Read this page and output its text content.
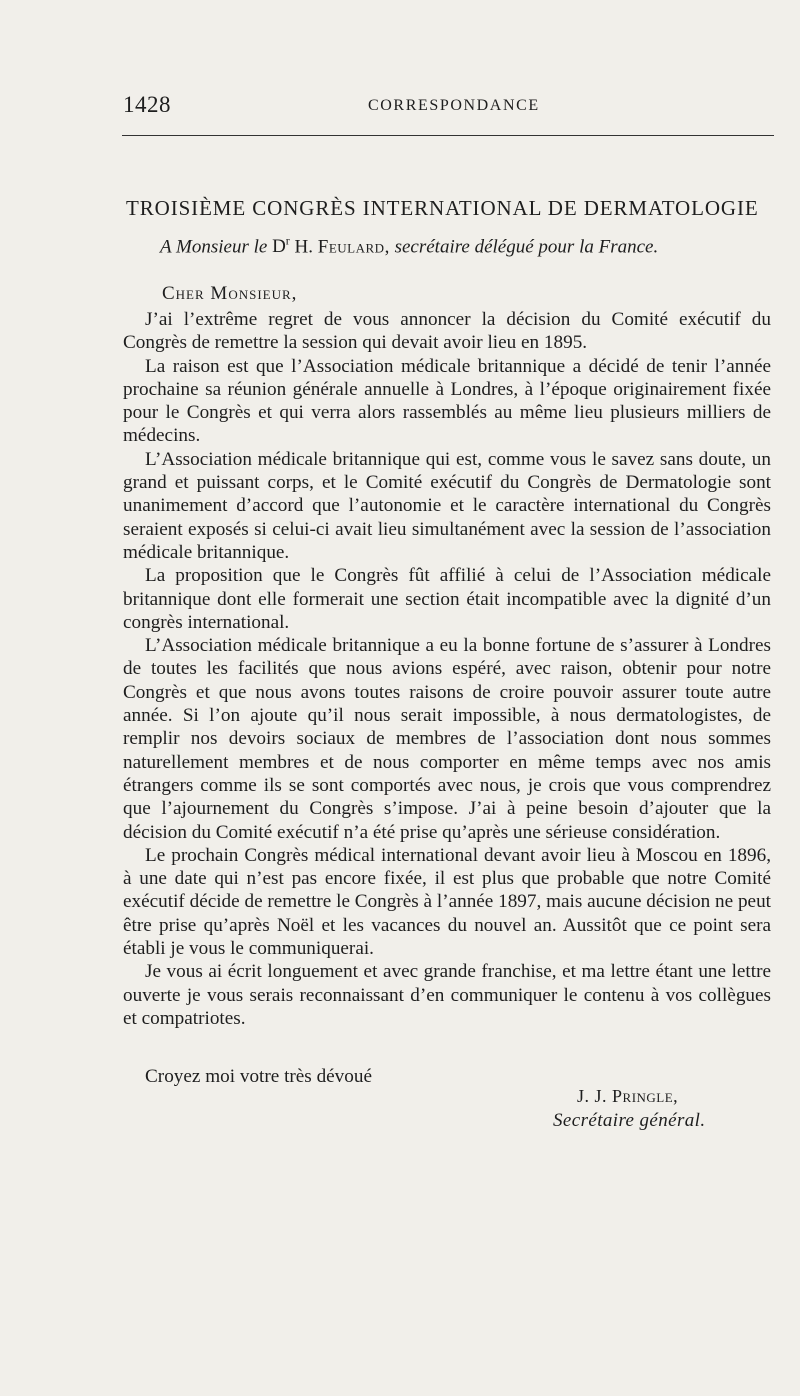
1428	CORRESPONDANCE
TROISIÈME CONGRÈS INTERNATIONAL DE DERMATOLOGIE
A Monsieur le $D^r$ H. Feulard, secrétaire délégué pour la France.
Cher Monsieur,

J’ai l’extrême regret de vous annoncer la décision du Comité exécutif du Congrès de remettre la session qui devait avoir lieu en 1895.

La raison est que l’Association médicale britannique a décidé de tenir l’année prochaine sa réunion générale annuelle à Londres, à l’époque originairement fixée pour le Congrès et qui verra alors rassemblés au même lieu plusieurs milliers de médecins.

L’Association médicale britannique qui est, comme vous le savez sans doute, un grand et puissant corps, et le Comité exécutif du Congrès de Dermatologie sont unanimement d’accord que l’autonomie et le caractère international du Congrès seraient exposés si celui-ci avait lieu simultanément avec la session de l’association médicale britannique.

La proposition que le Congrès fût affilié à celui de l’Association médicale britannique dont elle formerait une section était incompatible avec la dignité d’un congrès international.

L’Association médicale britannique a eu la bonne fortune de s’assurer à Londres de toutes les facilités que nous avions espéré, avec raison, obtenir pour notre Congrès et que nous avons toutes raisons de croire pouvoir assurer toute autre année. Si l’on ajoute qu’il nous serait impossible, à nous dermatologistes, de remplir nos devoirs sociaux de membres de l’association dont nous sommes naturellement membres et de nous comporter en même temps avec nos amis étrangers comme ils se sont comportés avec nous, je crois que vous comprendrez que l’ajournement du Congrès s’impose. J’ai à peine besoin d’ajouter que la décision du Comité exécutif n’a été prise qu’après une sérieuse considération.

Le prochain Congrès médical international devant avoir lieu à Moscou en 1896, à une date qui n’est pas encore fixée, il est plus que probable que notre Comité exécutif décide de remettre le Congrès à l’année 1897, mais aucune décision ne peut être prise qu’après Noël et les vacances du nouvel an. Aussitôt que ce point sera établi je vous le communiquerai.

Je vous ai écrit longuement et avec grande franchise, et ma lettre étant une lettre ouverte je vous serais reconnaissant d’en communiquer le contenu à vos collègues et compatriotes.

Croyez moi votre très dévoué
J. J. Pringle,
Secrétaire général.
